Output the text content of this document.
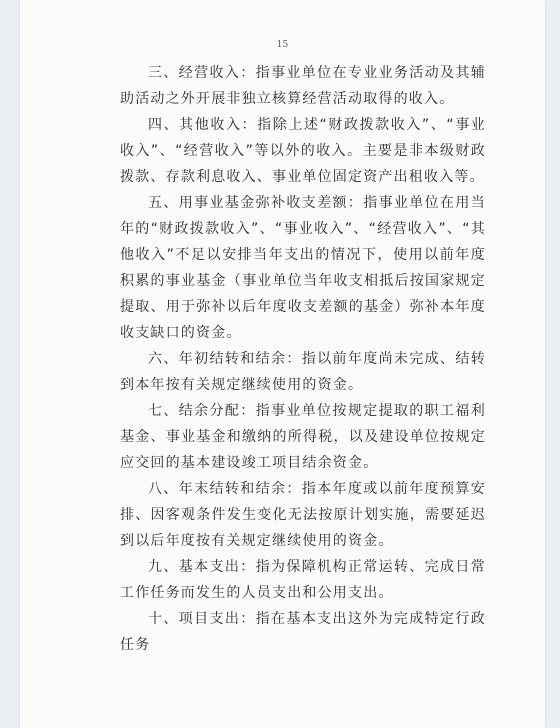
15

三、经营收入：指事业单位在专业业务活动及其辅助活动之外开展非独立核算经营活动取得的收入。

四、其他收入：指除上述“财政拨款收入”、“事业收入”、“经营收入”等以外的收入。主要是非本级财政拨款、存款利息收入、事业单位固定资产出租收入等。

五、用事业基金弥补收支差额：指事业单位在用当年的“财政拨款收入”、“事业收入”、“经营收入”、“其他收入”不足以安排当年支出的情况下，使用以前年度积累的事业基金（事业单位当年收支相抵后按国家规定提取、用于弥补以后年度收支差额的基金）弥补本年度收支缺口的资金。

六、年初结转和结余：指以前年度尚未完成、结转到本年按有关规定继续使用的资金。

七、结余分配：指事业单位按规定提取的职工福利基金、事业基金和缴纳的所得税，以及建设单位按规定应交回的基本建设竣工项目结余资金。

八、年末结转和结余：指本年度或以前年度预算安排、因客观条件发生变化无法按原计划实施，需要延迟到以后年度按有关规定继续使用的资金。

九、基本支出：指为保障机构正常运转、完成日常工作任务而发生的人员支出和公用支出。

十、项目支出：指在基本支出这外为完成特定行政任务
